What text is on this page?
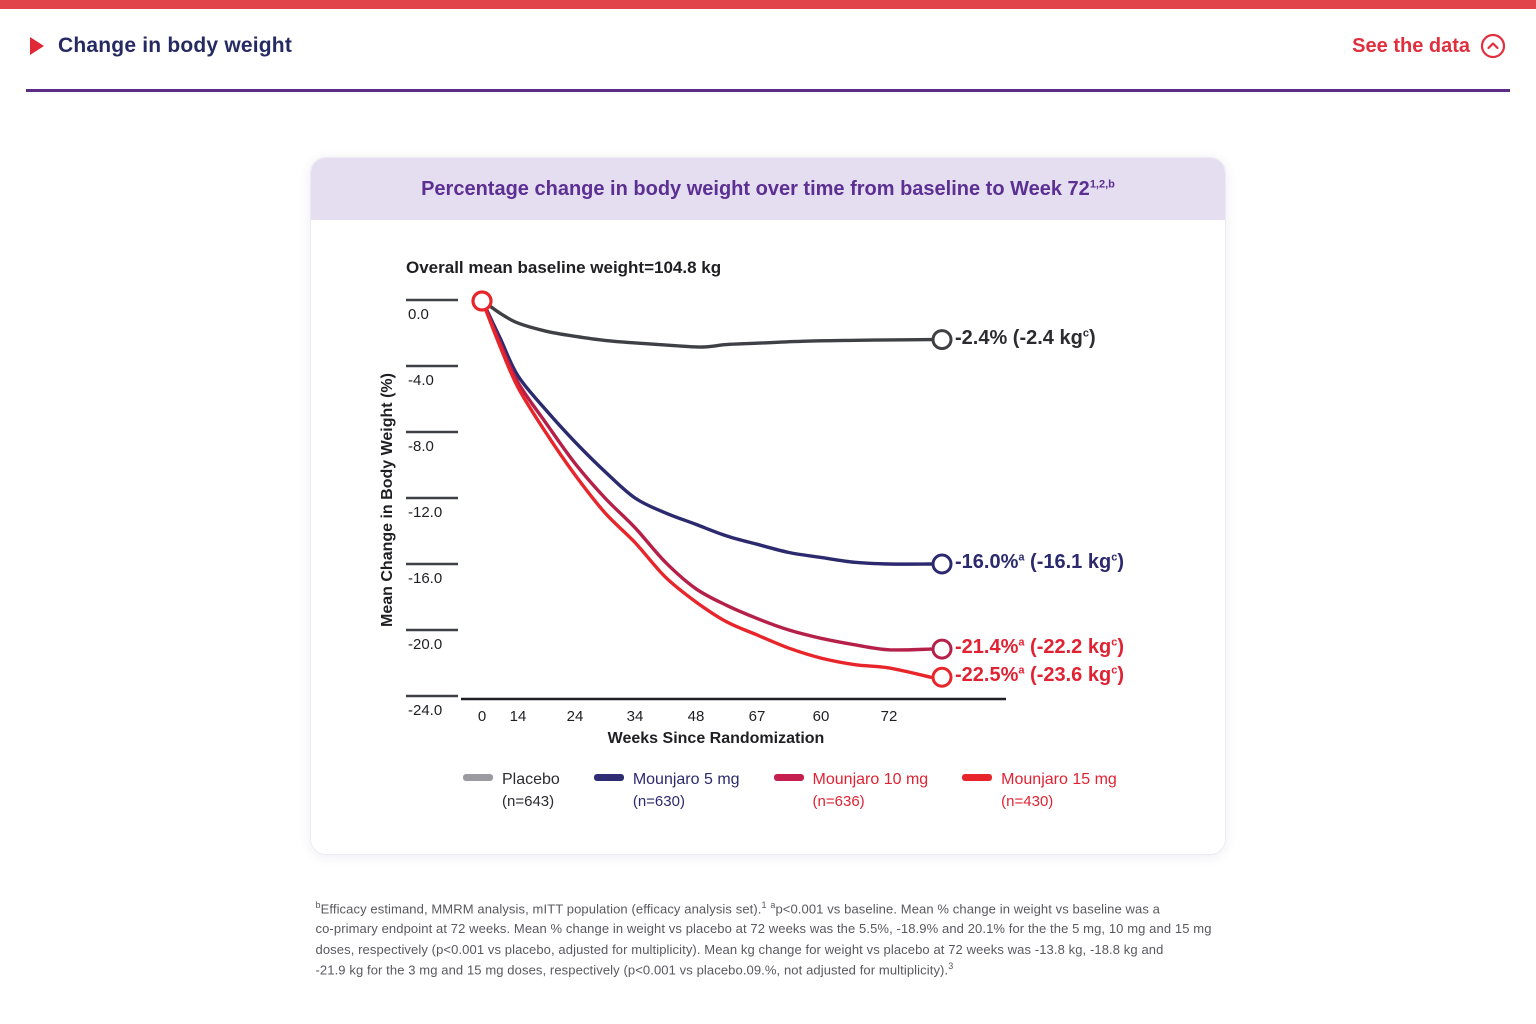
Change in body weight	See the data
Percentage change in body weight over time from baseline to Week 72$^{1,2,b}$
Overall mean baseline weight=104.8 kg
Mean Change in Body Weight (%)
Weeks Since Randomization
0.0
-4.0
-8.0
-12.0
-16.0
-20.0
-24.0	0	14	24	34	48	67	60	72
-2.4% (-2.4 $kg^c$)
-16.0%$^a$ (-16.1 $kg^c$)
-21.4%$^a$ (-22.2 $kg^c$)
-22.5%$^a$ (-23.6 $kg^c$)
Placebo
(n=643)
Mounjaro 5 mg
(n=630)
Mounjaro 10 mg
(n=636)
Mounjaro 15 mg
(n=430)

$^b$Efficacy estimand, MMRM analysis, mITT population (efficacy analysis set).$^1$ $^a$p<0.001 vs baseline. Mean % change in weight vs baseline was a

co-primary endpoint at 72 weeks. Mean % change in weight vs placebo at 72 weeks was the 5.5%, -18.9% and 20.1% for the the 5 mg, 10 mg and 15 mg

doses, respectively (p<0.001 vs placebo, adjusted for multiplicity). Mean kg change for weight vs placebo at 72 weeks was -13.8 kg, -18.8 kg and

-21.9 kg for the 3 mg and 15 mg doses, respectively (p<0.001 vs placebo.09.%, not adjusted for multiplicity).$^3$
